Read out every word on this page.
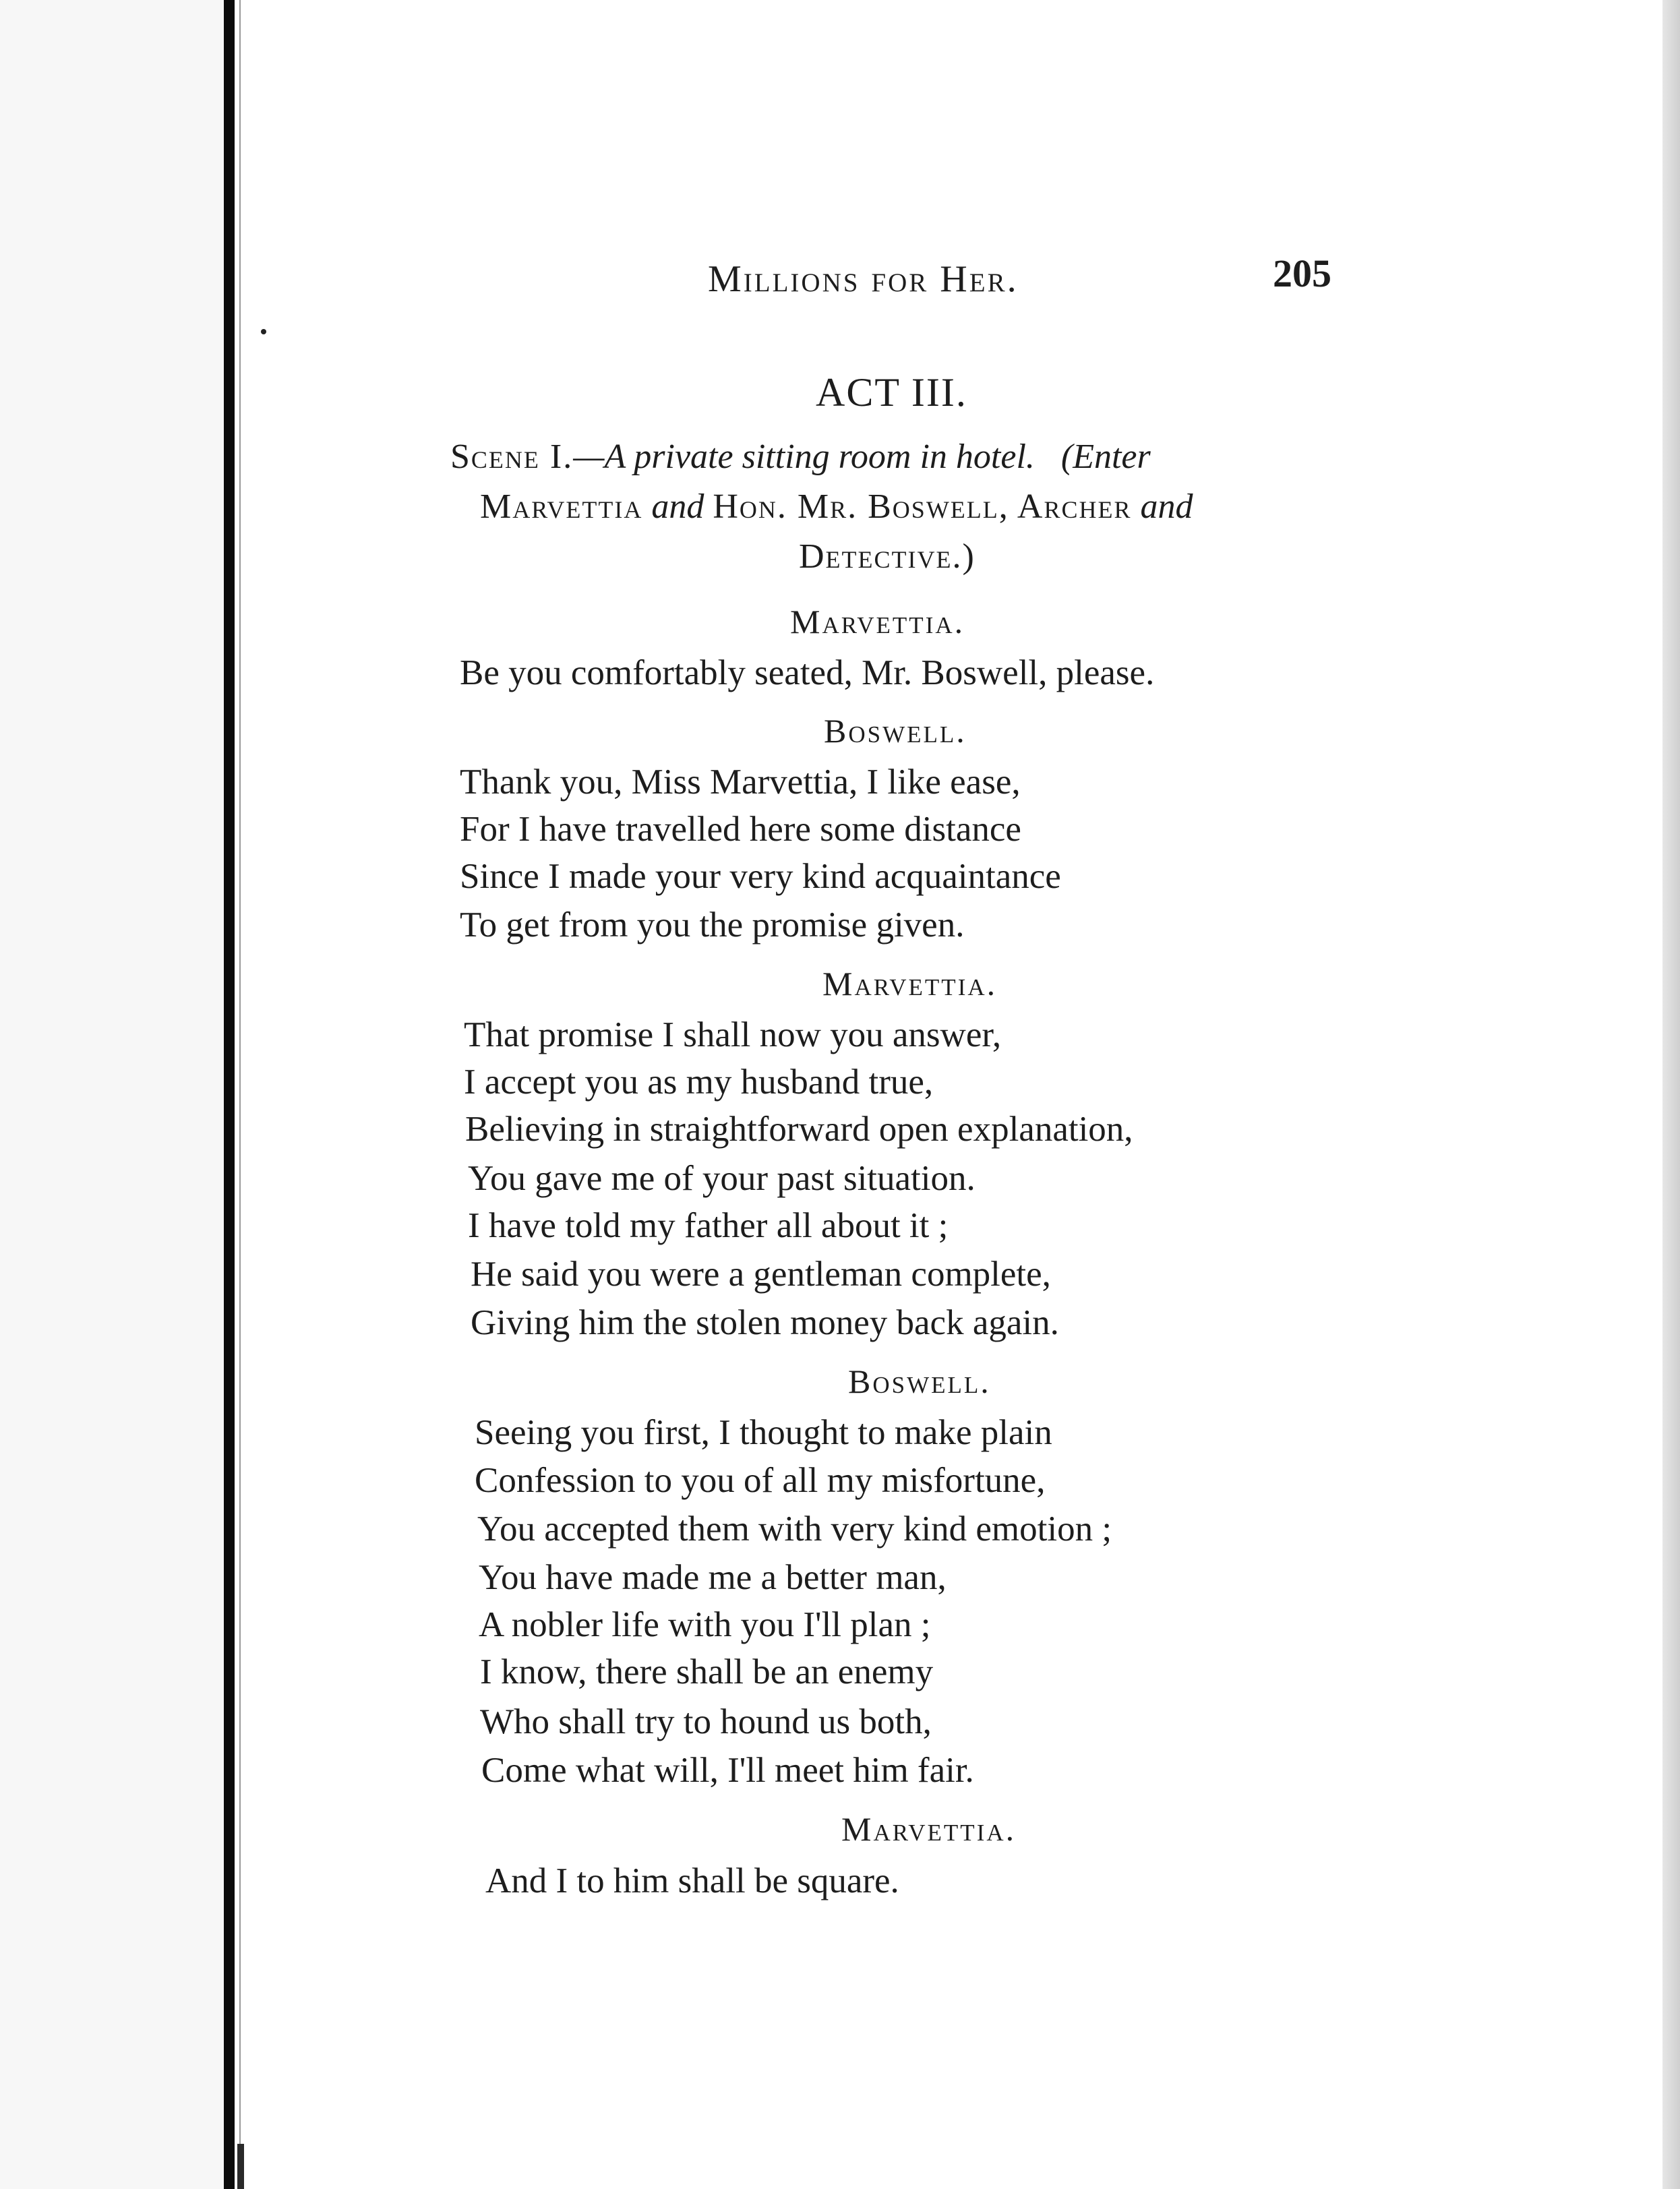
Millions for Her.	205
ACT III.
Scene I.—A private sitting room in hotel. (Enter
Marvettia and Hon. Mr. Boswell, Archer and
Detective.)
Marvettia.
Be you comfortably seated, Mr. Boswell, please.
Boswell.
Thank you, Miss Marvettia, I like ease,
For I have travelled here some distance
Since I made your very kind acquaintance
To get from you the promise given.
Marvettia.
That promise I shall now you answer,
I accept you as my husband true,
Believing in straightforward open explanation,
You gave me of your past situation.
I have told my father all about it ;
He said you were a gentleman complete,
Giving him the stolen money back again.
Boswell.
Seeing you first, I thought to make plain
Confession to you of all my misfortune,
You accepted them with very kind emotion ;
You have made me a better man,
A nobler life with you I'll plan ;
I know, there shall be an enemy
Who shall try to hound us both,
Come what will, I'll meet him fair.
Marvettia.
And I to him shall be square.
